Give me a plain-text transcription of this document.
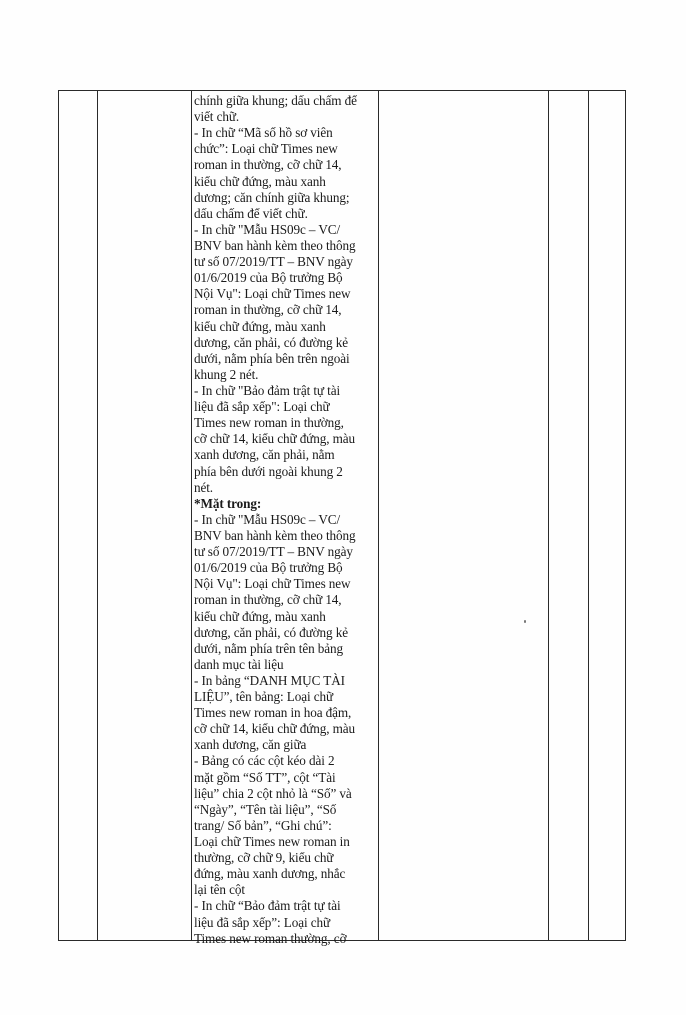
chính giữa khung; dấu chấm để
viết chữ.
- In chữ “Mã số hồ sơ viên
chức”: Loại chữ Times new
roman in thường, cỡ chữ 14,
kiểu chữ đứng, màu xanh
dương; căn chính giữa khung;
dấu chấm để viết chữ.
- In chữ "Mẫu HS09c – VC/
BNV ban hành kèm theo thông
tư số 07/2019/TT – BNV ngày
01/6/2019 của Bộ trưởng Bộ
Nội Vụ": Loại chữ Times new
roman in thường, cỡ chữ 14,
kiểu chữ đứng, màu xanh
dương, căn phải, có đường kẻ
dưới, nằm phía bên trên ngoài
khung 2 nét.
- In chữ "Bảo đảm trật tự tài
liệu đã sắp xếp": Loại chữ
Times new roman in thường,
cỡ chữ 14, kiểu chữ đứng, màu
xanh dương, căn phải, nằm
phía bên dưới ngoài khung 2
nét.
*Mặt trong:
- In chữ "Mẫu HS09c – VC/
BNV ban hành kèm theo thông
tư số 07/2019/TT – BNV ngày
01/6/2019 của Bộ trưởng Bộ
Nội Vụ": Loại chữ Times new
roman in thường, cỡ chữ 14,
kiểu chữ đứng, màu xanh
dương, căn phải, có đường kẻ
dưới, nằm phía trên tên bảng
danh mục tài liệu
- In bảng “DANH MỤC TÀI
LIỆU”, tên bảng: Loại chữ
Times new roman in hoa đậm,
cỡ chữ 14, kiểu chữ đứng, màu
xanh dương, căn giữa
- Bảng có các cột kéo dài 2
mặt gồm “Số TT”, cột “Tài
liệu” chia 2 cột nhỏ là “Số” và
“Ngày”, “Tên tài liệu”, “Số
trang/ Số bản”, “Ghi chú”:
Loại chữ Times new roman in
thường, cỡ chữ 9, kiểu chữ
đứng, màu xanh dương, nhắc
lại tên cột
- In chữ “Bảo đảm trật tự tài
liệu đã sắp xếp”: Loại chữ
Times new roman thường, cỡ
